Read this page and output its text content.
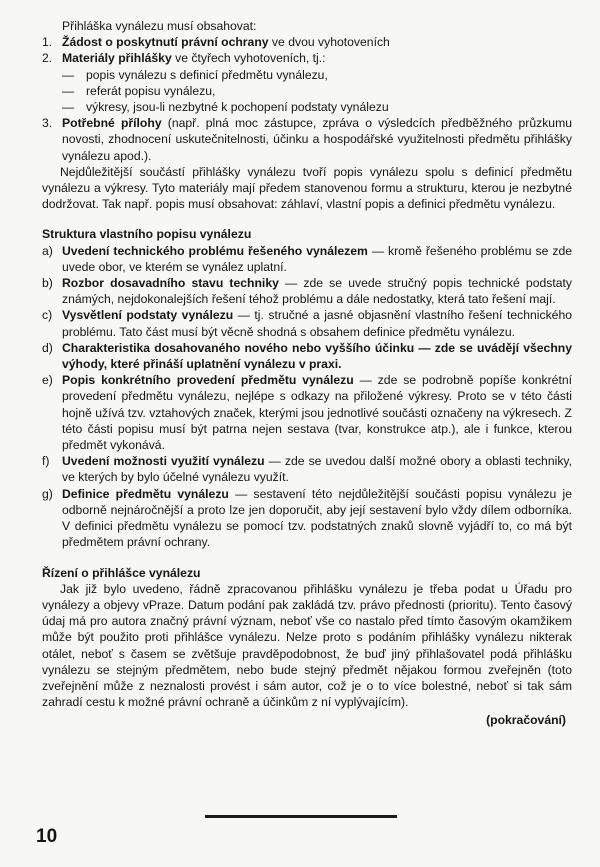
Přihláška vynálezu musí obsahovat:

1. Žádost o poskytnutí právní ochrany ve dvou vyhotoveních
2. Materiály přihlášky ve čtyřech vyhotoveních, tj.:
— popis vynálezu s definicí předmětu vynálezu,
— referát popisu vynálezu,
— výkresy, jsou-li nezbytné k pochopení podstaty vynálezu
3. Potřebné přílohy (např. plná moc zástupce, zpráva o výsledcích předběžného průzkumu novosti, zhodnocení uskutečnitelnosti, účinku a hospodářské využitelnosti předmětu přihlášky vynálezu apod.).

Nejdůležitější součástí přihlášky vynálezu tvoří popis vynálezu spolu s definicí předmětu vynálezu a výkresy. Tyto materiály mají předem stanovenou formu a strukturu, kterou je nezbytné dodržovat. Tak např. popis musí obsahovat: záhlaví, vlastní popis a definici předmětu vynálezu.

Struktura vlastního popisu vynálezu
a) Uvedení technického problému řešeného vynálezem — kromě řešeného problému se zde uvede obor, ve kterém se vynález uplatní.
b) Rozbor dosavadního stavu techniky — zde se uvede stručný popis technické podstaty známých, nejdokonalejších řešení téhož problému a dále nedostatky, která tato řešení mají.
c) Vysvětlení podstaty vynálezu — tj. stručné a jasné objasnění vlastního řešení technického problému. Tato část musí být věcně shodná s obsahem definice předmětu vynálezu.
d) Charakteristika dosahovaného nového nebo vyššího účinku — zde se uvádějí všechny výhody, které přináší uplatnění vynálezu v praxi.
e) Popis konkrétního provedení předmětu vynálezu — zde se podrobně popíše konkrétní provedení předmětu vynálezu, nejlépe s odkazy na přiložené výkresy. Proto se v této části hojně užívá tzv. vztahových značek, kterými jsou jednotlivé součásti označeny na výkresech. Z této části popisu musí být patrna nejen sestava (tvar, konstrukce atp.), ale i funkce, kterou předmět vykonává.
f) Uvedení možnosti využití vynálezu — zde se uvedou další možné obory a oblasti techniky, ve kterých by bylo účelné vynálezu využít.
g) Definice předmětu vynálezu — sestavení této nejdůležitější součásti popisu vynálezu je odborně nejnáročnější a proto lze jen doporučit, aby její sestavení bylo vždy dílem odborníka. V definici předmětu vynálezu se pomocí tzv. podstatných znaků slovně vyjádří to, co má být předmětem právní ochrany.
Řízení o přihlášce vynálezu

Jak již bylo uvedeno, řádně zpracovanou přihlášku vynálezu je třeba podat u Úřadu pro vynálezy a objevy vPraze. Datum podání pak zakládá tzv. právo přednosti (prioritu). Tento časový údaj má pro autora značný právní význam, neboť vše co nastalo před tímto časovým okamžikem může být použito proti přihlášce vynálezu. Nelze proto s podáním přihlášky vynálezu nikterak otálet, neboť s časem se zvětšuje pravděpodobnost, že buď jiný přihlašovatel podá přihlášku vynálezu se stejným předmětem, nebo bude stejný předmět nějakou formou zveřejněn (toto zveřejnění může z neznalosti provést i sám autor, což je o to více bolestné, neboť si tak sám zahradí cestu k možné právní ochraně a účinkům z ní vyplývajícím).

(pokračování)

10
